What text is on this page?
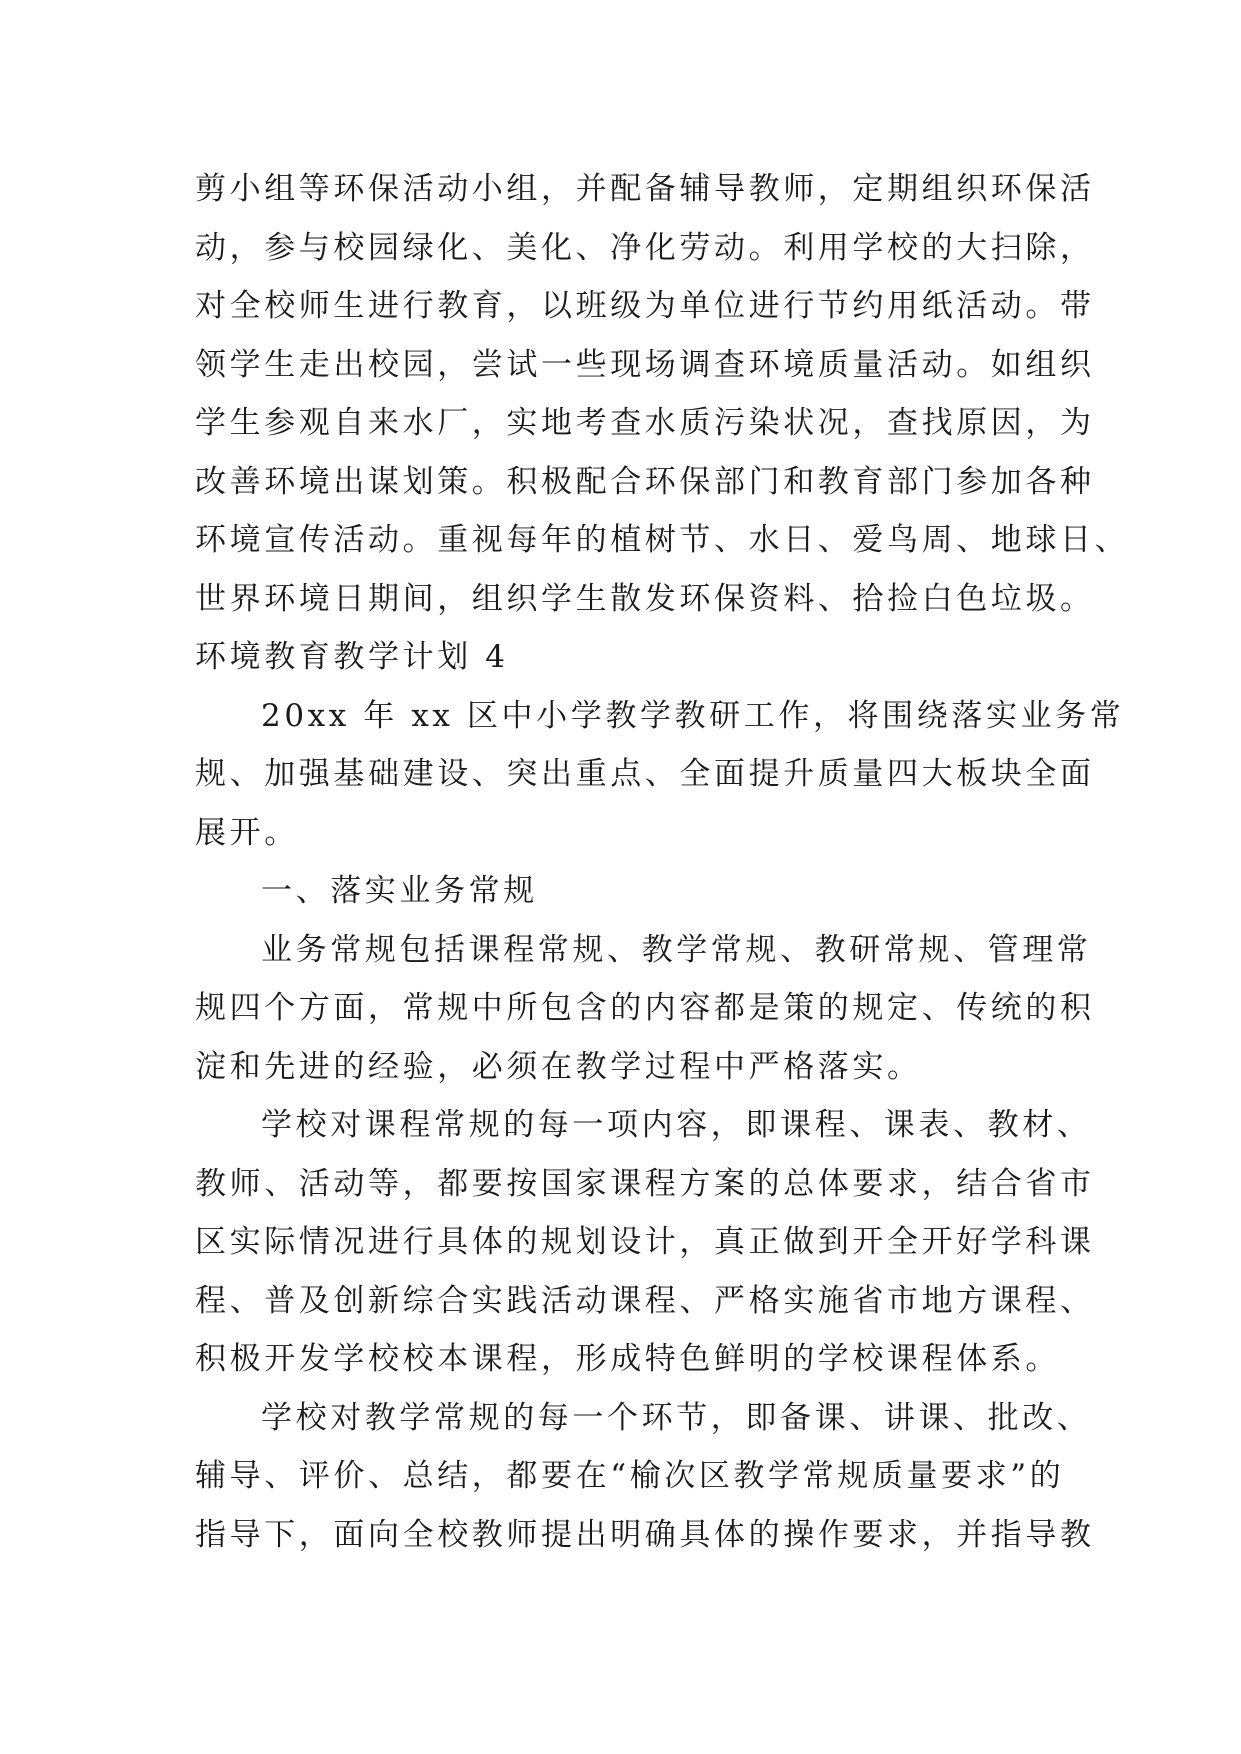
剪小组等环保活动小组，并配备辅导教师，定期组织环保活
动，参与校园绿化、美化、净化劳动。利用学校的大扫除，
对全校师生进行教育，以班级为单位进行节约用纸活动。带
领学生走出校园，尝试一些现场调查环境质量活动。如组织
学生参观自来水厂，实地考查水质污染状况，查找原因，为
改善环境出谋划策。积极配合环保部门和教育部门参加各种
环境宣传活动。重视每年的植树节、水日、爱鸟周、地球日、
世界环境日期间，组织学生散发环保资料、拾捡白色垃圾。
环境教育教学计划 4
20xx 年 xx 区中小学教学教研工作，将围绕落实业务常
规、加强基础建设、突出重点、全面提升质量四大板块全面
展开。
一、落实业务常规
业务常规包括课程常规、教学常规、教研常规、管理常
规四个方面，常规中所包含的内容都是策的规定、传统的积
淀和先进的经验，必须在教学过程中严格落实。
学校对课程常规的每一项内容，即课程、课表、教材、
教师、活动等，都要按国家课程方案的总体要求，结合省市
区实际情况进行具体的规划设计，真正做到开全开好学科课
程、普及创新综合实践活动课程、严格实施省市地方课程、
积极开发学校校本课程，形成特色鲜明的学校课程体系。
学校对教学常规的每一个环节，即备课、讲课、批改、
辅导、评价、总结，都要在“榆次区教学常规质量要求”的
指导下，面向全校教师提出明确具体的操作要求，并指导教
